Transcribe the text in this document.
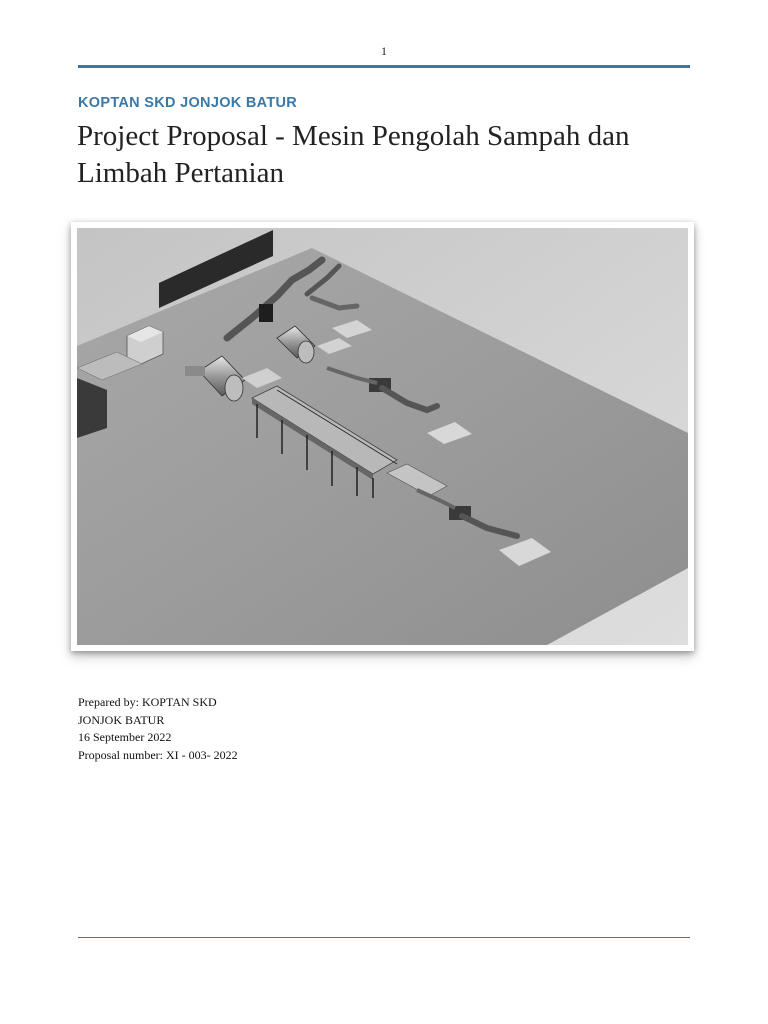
1
KOPTAN SKD JONJOK BATUR
Project Proposal - Mesin Pengolah Sampah dan Limbah Pertanian
Prepared by: KOPTAN SKD
JONJOK BATUR
16 September 2022
Proposal number: XI - 003- 2022
